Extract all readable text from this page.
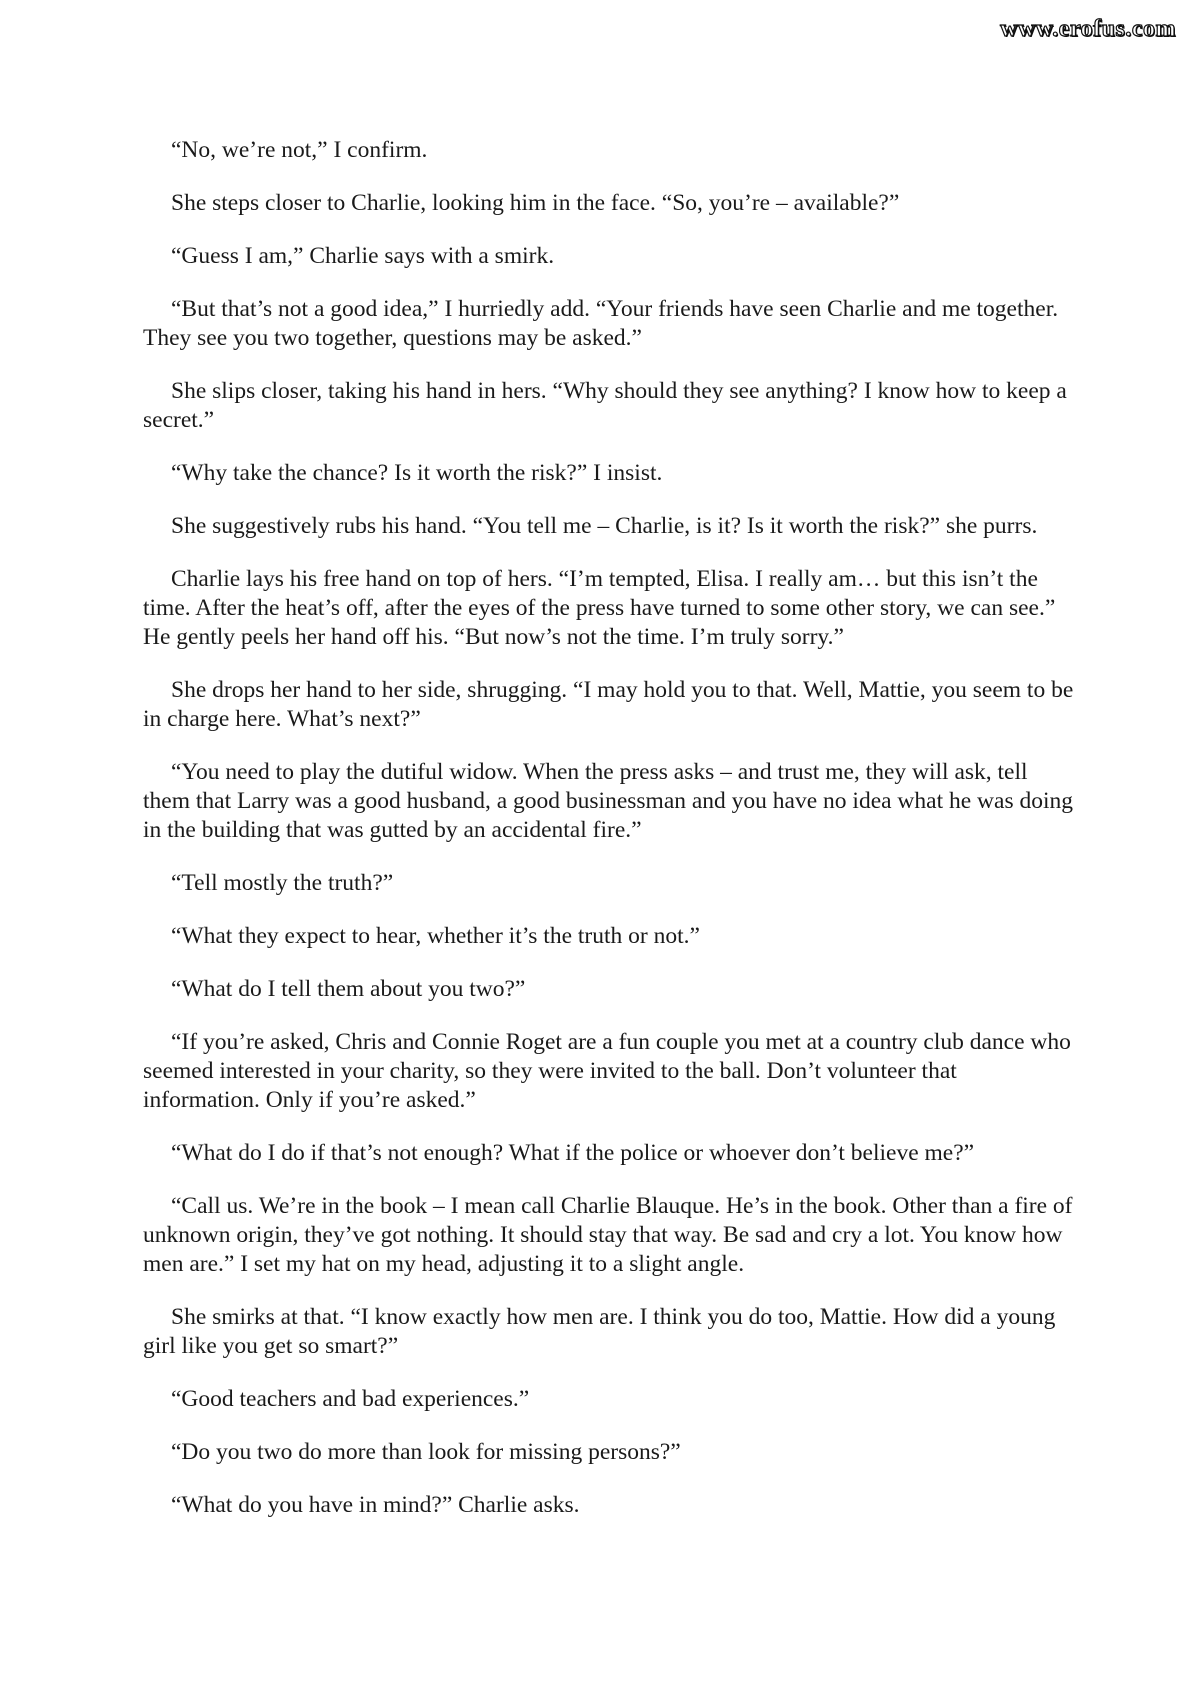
www.erofus.com

“No, we’re not,” I confirm.

She steps closer to Charlie, looking him in the face. “So, you’re – available?”

“Guess I am,” Charlie says with a smirk.

“But that’s not a good idea,” I hurriedly add. “Your friends have seen Charlie and me together. They see you two together, questions may be asked.”

She slips closer, taking his hand in hers. “Why should they see anything? I know how to keep a secret.”

“Why take the chance? Is it worth the risk?” I insist.

She suggestively rubs his hand. “You tell me – Charlie, is it? Is it worth the risk?” she purrs.

Charlie lays his free hand on top of hers. “I’m tempted, Elisa. I really am… but this isn’t the time. After the heat’s off, after the eyes of the press have turned to some other story, we can see.” He gently peels her hand off his. “But now’s not the time. I’m truly sorry.”

She drops her hand to her side, shrugging. “I may hold you to that. Well, Mattie, you seem to be in charge here. What’s next?”

“You need to play the dutiful widow. When the press asks – and trust me, they will ask, tell them that Larry was a good husband, a good businessman and you have no idea what he was doing in the building that was gutted by an accidental fire.”

“Tell mostly the truth?”

“What they expect to hear, whether it’s the truth or not.”

“What do I tell them about you two?”

“If you’re asked, Chris and Connie Roget are a fun couple you met at a country club dance who seemed interested in your charity, so they were invited to the ball. Don’t volunteer that information. Only if you’re asked.”

“What do I do if that’s not enough? What if the police or whoever don’t believe me?”

“Call us. We’re in the book – I mean call Charlie Blauque. He’s in the book. Other than a fire of unknown origin, they’ve got nothing. It should stay that way. Be sad and cry a lot. You know how men are.” I set my hat on my head, adjusting it to a slight angle.

She smirks at that. “I know exactly how men are. I think you do too, Mattie. How did a young girl like you get so smart?”

“Good teachers and bad experiences.”

“Do you two do more than look for missing persons?”

“What do you have in mind?” Charlie asks.
